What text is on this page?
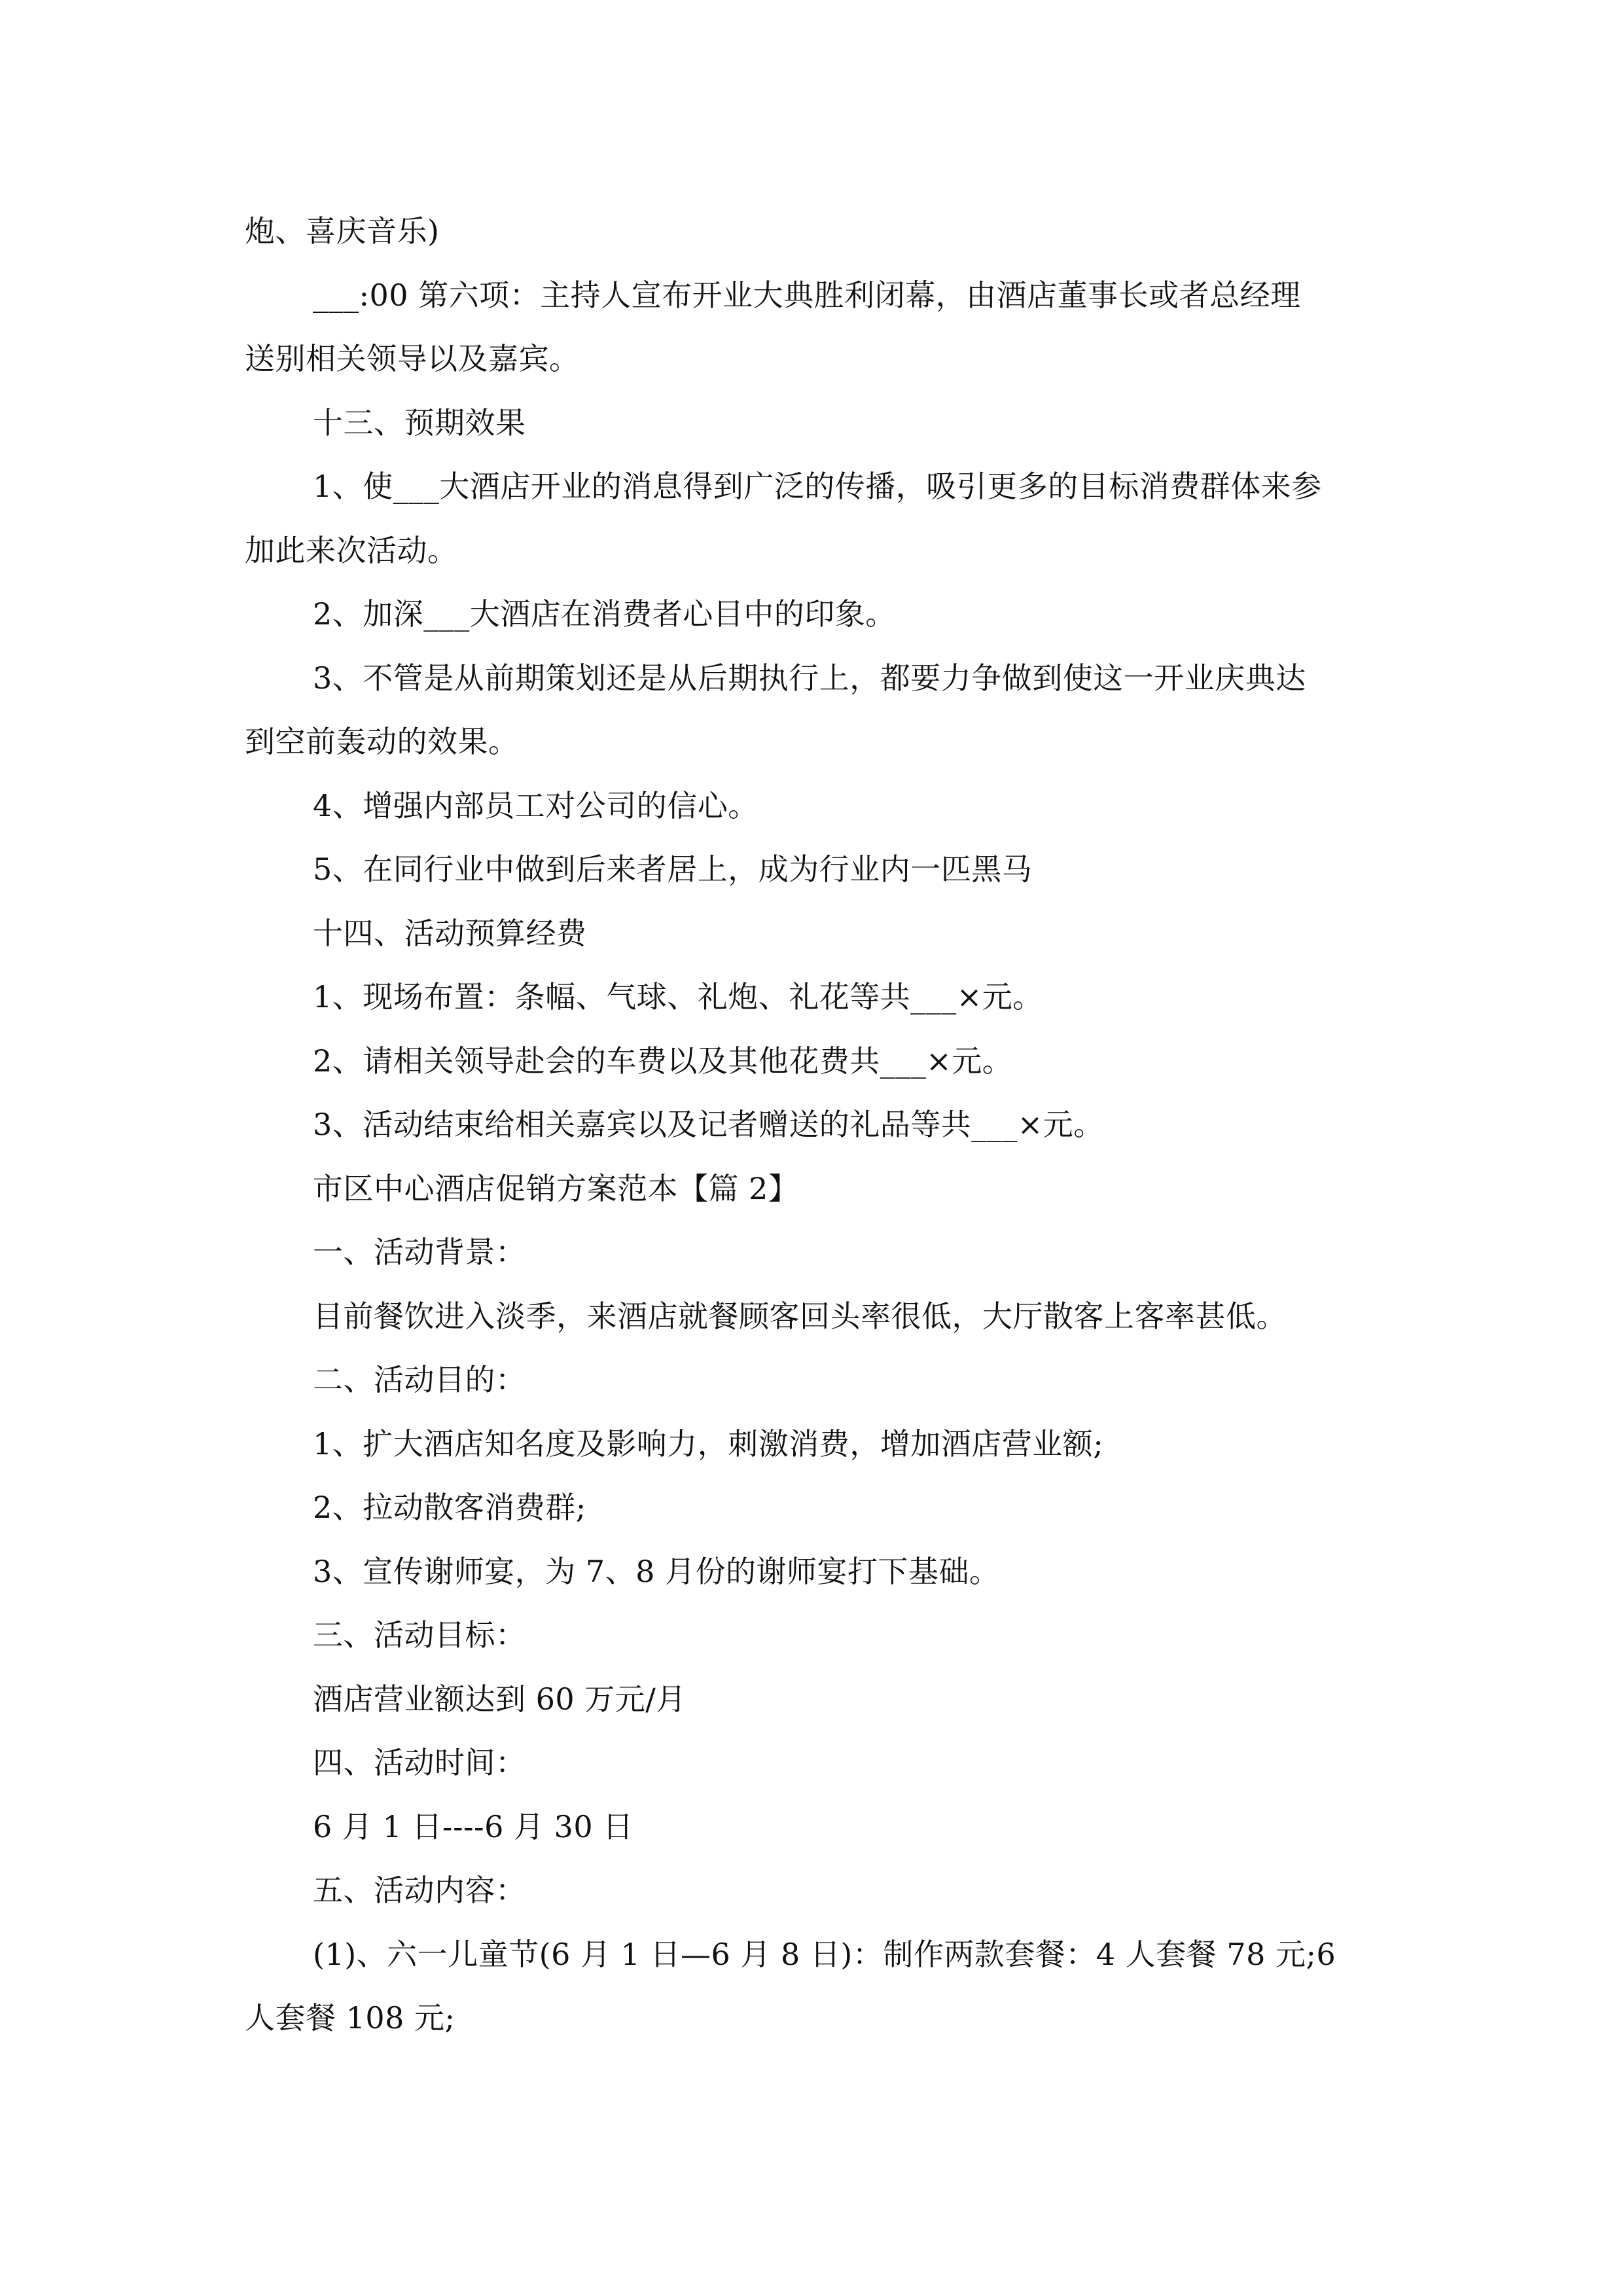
炮、喜庆音乐)

___:00 第六项：主持人宣布开业大典胜利闭幕，由酒店董事长或者总经理

送别相关领导以及嘉宾。

十三、预期效果

1、使___大酒店开业的消息得到广泛的传播，吸引更多的目标消费群体来参

加此来次活动。

2、加深___大酒店在消费者心目中的印象。

3、不管是从前期策划还是从后期执行上，都要力争做到使这一开业庆典达

到空前轰动的效果。

4、增强内部员工对公司的信心。

5、在同行业中做到后来者居上，成为行业内一匹黑马

十四、活动预算经费

1、现场布置：条幅、气球、礼炮、礼花等共___×元。

2、请相关领导赴会的车费以及其他花费共___×元。

3、活动结束给相关嘉宾以及记者赠送的礼品等共___×元。

市区中心酒店促销方案范本【篇 2】

一、活动背景：

目前餐饮进入淡季，来酒店就餐顾客回头率很低，大厅散客上客率甚低。

二、活动目的：

1、扩大酒店知名度及影响力，刺激消费，增加酒店营业额;

2、拉动散客消费群;

3、宣传谢师宴，为 7、8 月份的谢师宴打下基础。

三、活动目标：

酒店营业额达到 60 万元/月

四、活动时间：

6 月 1 日----6 月 30 日

五、活动内容：

(1)、六一儿童节(6 月 1 日—6 月 8 日)：制作两款套餐：4 人套餐 78 元;6

人套餐 108 元;
